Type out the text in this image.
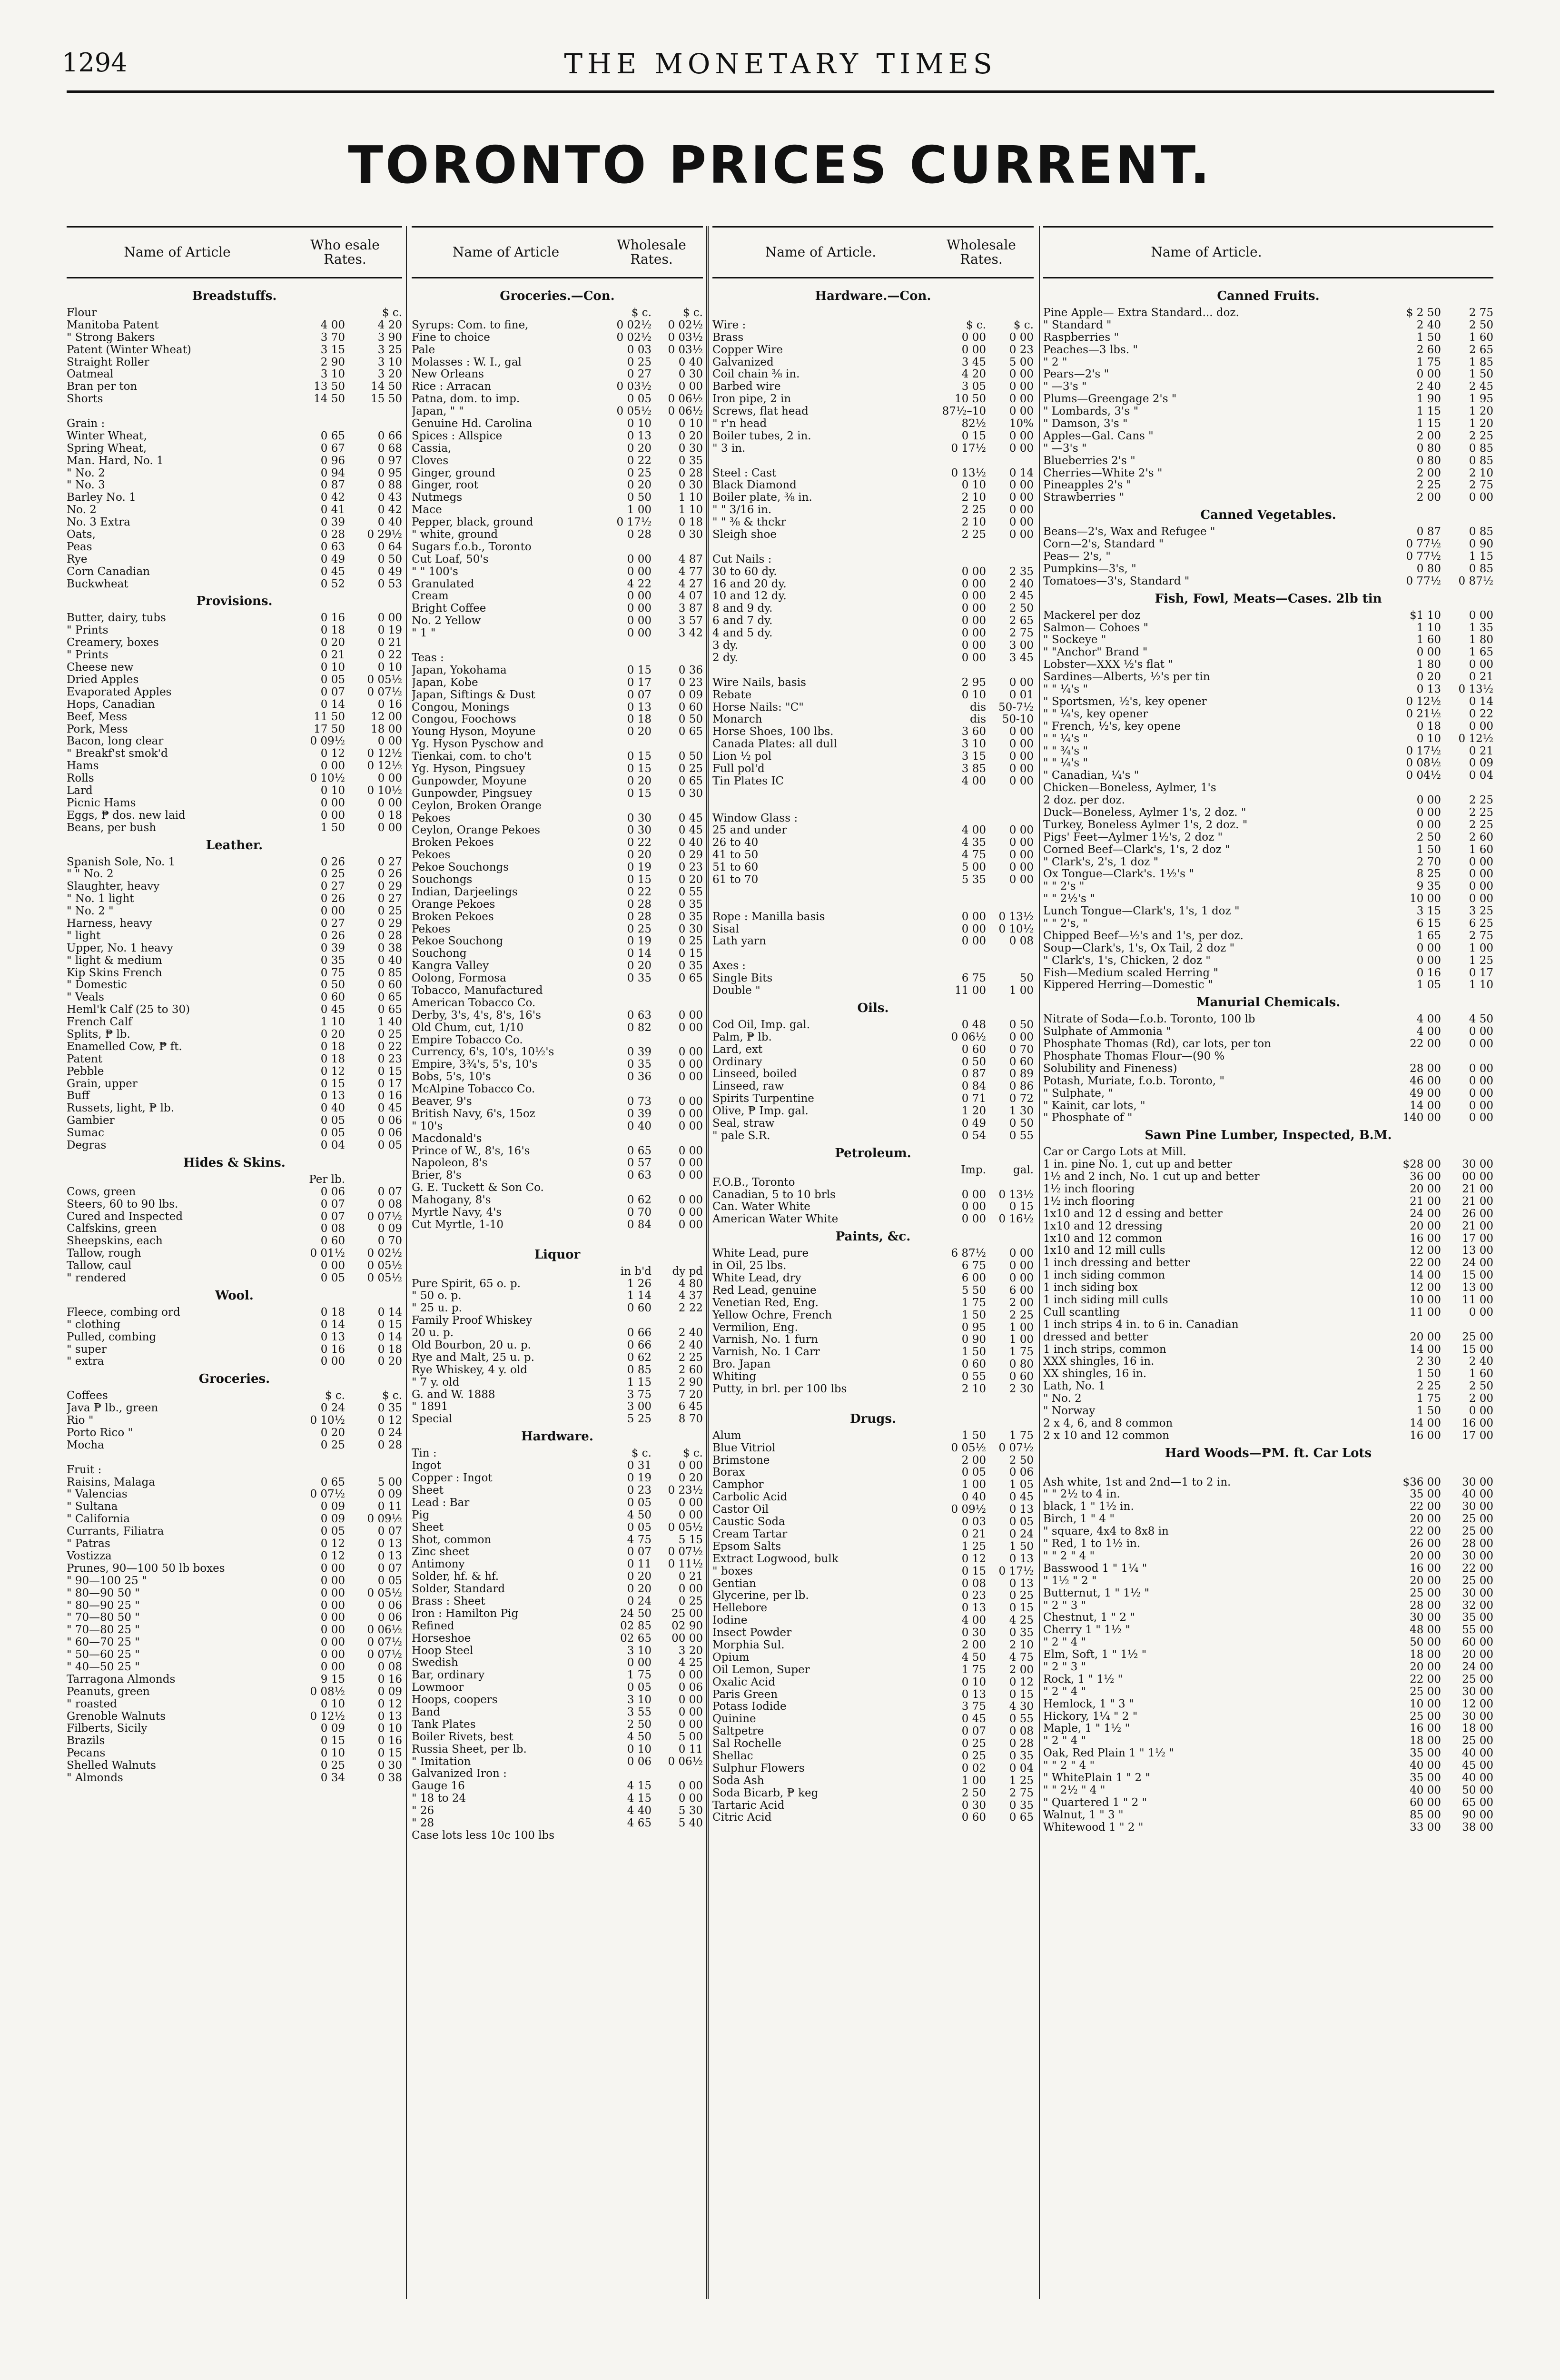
1294	THE MONETARY TIMES
TORONTO PRICES CURRENT.
Name of Article	Who esale Rates.
Breadstuffs.
Flour	$ c.
Manitoba Patent	4 00	4 20
" Strong Bakers	3 70	3 90
Patent (Winter Wheat)	3 15	3 25
Straight Roller	2 90	3 10
Oatmeal	3 10	3 20
Bran per ton	13 50	14 50
Shorts	14 50	15 50
Grain :
Winter Wheat,	0 65	0 66
Spring Wheat,	0 67	0 68
Man. Hard, No. 1	0 96	0 97
" No. 2	0 94	0 95
" No. 3	0 87	0 88
Barley No. 1	0 42	0 43
No. 2	0 41	0 42
No. 3 Extra	0 39	0 40
Oats,	0 28	0 29½
Peas	0 63	0 64
Rye	0 49	0 50
Corn Canadian	0 45	0 49
Buckwheat	0 52	0 53
Provisions.
Butter, dairy, tubs	0 16	0 00
" Prints	0 18	0 19
Creamery, boxes	0 20	0 21
" Prints	0 21	0 22
Cheese new	0 10	0 10
Dried Apples	0 05	0 05½
Evaporated Apples	0 07	0 07½
Hops, Canadian	0 14	0 16
Beef, Mess	11 50	12 00
Pork, Mess	17 50	18 00
Bacon, long clear	0 09½	0 00
" Breakf'st smok'd	0 12	0 12½
Hams	0 00	0 12½
Rolls	0 10½	0 00
Lard	0 10	0 10½
Picnic Hams	0 00	0 00
Eggs, ₱ dos. new laid	0 00	0 18
Beans, per bush	1 50	0 00
Leather.
Spanish Sole, No. 1	0 26	0 27
" " No. 2	0 25	0 26
Slaughter, heavy	0 27	0 29
" No. 1 light	0 26	0 27
" No. 2 "	0 00	0 25
Harness, heavy	0 27	0 29
" light	0 26	0 28
Upper, No. 1 heavy	0 39	0 38
" light & medium	0 35	0 40
Kip Skins French	0 75	0 85
" Domestic	0 50	0 60
" Veals	0 60	0 65
Heml'k Calf (25 to 30)	0 45	0 65
French Calf	1 10	1 40
Splits, ₱ lb.	0 20	0 25
Enamelled Cow, ₱ ft.	0 18	0 22
Patent	0 18	0 23
Pebble	0 12	0 15
Grain, upper	0 15	0 17
Buff	0 13	0 16
Russets, light, ₱ lb.	0 40	0 45
Gambier	0 05	0 06
Sumac	0 05	0 06
Degras	0 04	0 05
Hides & Skins.
Per lb.
Cows, green	0 06	0 07
Steers, 60 to 90 lbs.	0 07	0 08
Cured and Inspected	0 07	0 07½
Calfskins, green	0 08	0 09
Sheepskins, each	0 60	0 70
Tallow, rough	0 01½	0 02½
Tallow, caul	0 00	0 05½
" rendered	0 05	0 05½
Wool.
Fleece, combing ord	0 18	0 14
" clothing	0 14	0 15
Pulled, combing	0 13	0 14
" super	0 16	0 18
" extra	0 00	0 20
Groceries.
Coffees	$ c.	$ c.
Java ₱ lb., green	0 24	0 35
Rio "	0 10½	0 12
Porto Rico "	0 20	0 24
Mocha	0 25	0 28
Fruit :
Raisins, Malaga	0 65	5 00
" Valencias	0 07½	0 09
" Sultana	0 09	0 11
" California	0 09	0 09½
Currants, Filiatra	0 05	0 07
" Patras	0 12	0 13
Vostizza	0 12	0 13
Prunes, 90—100 50 lb boxes	0 00	0 07
" 90—100 25 "	0 00	0 05
" 80—90 50 "	0 00	0 05½
" 80—90 25 "	0 00	0 06
" 70—80 50 "	0 00	0 06
" 70—80 25 "	0 00	0 06½
" 60—70 25 "	0 00	0 07½
" 50—60 25 "	0 00	0 07½
" 40—50 25 "	0 00	0 08
Tarragona Almonds	9 15	0 16
Peanuts, green	0 08½	0 09
" roasted	0 10	0 12
Grenoble Walnuts	0 12½	0 13
Filberts, Sicily	0 09	0 10
Brazils	0 15	0 16
Pecans	0 10	0 15
Shelled Walnuts	0 25	0 30
" Almonds	0 34	0 38
Name of Article	Wholesale Rates.
Groceries.—Con.
$ c.	$ c.
Syrups: Com. to fine,	0 02½	0 02½
Fine to choice	0 02½	0 03½
Pale	0 03	0 03½
Molasses : W. I., gal	0 25	0 40
New Orleans	0 27	0 30
Rice : Arracan	0 03½	0 00
Patna, dom. to imp.	0 05	0 06½
Japan, " "	0 05½	0 06½
Genuine Hd. Carolina	0 10	0 10
Spices : Allspice	0 13	0 20
Cassia,	0 20	0 30
Cloves	0 22	0 35
Ginger, ground	0 25	0 28
Ginger, root	0 20	0 30
Nutmegs	0 50	1 10
Mace	1 00	1 10
Pepper, black, ground	0 17½	0 18
" white, ground	0 28	0 30
Sugars f.o.b., Toronto
Cut Loaf, 50's	0 00	4 87
" " 100's	0 00	4 77
Granulated	4 22	4 27
Cream	0 00	4 07
Bright Coffee	0 00	3 87
No. 2 Yellow	0 00	3 57
" 1 "	0 00	3 42
Teas :
Japan, Yokohama	0 15	0 36
Japan, Kobe	0 17	0 23
Japan, Siftings & Dust	0 07	0 09
Congou, Monings	0 13	0 60
Congou, Foochows	0 18	0 50
Young Hyson, Moyune	0 20	0 65
Yg. Hyson Pyschow and
Tienkai, com. to cho't	0 15	0 50
Yg. Hyson, Pingsuey	0 15	0 25
Gunpowder, Moyune	0 20	0 65
Gunpowder, Pingsuey	0 15	0 30
Ceylon, Broken Orange
Pekoes	0 30	0 45
Ceylon, Orange Pekoes	0 30	0 45
Broken Pekoes	0 22	0 40
Pekoes	0 20	0 29
Pekoe Souchongs	0 19	0 23
Souchongs	0 15	0 20
Indian, Darjeelings	0 22	0 55
Orange Pekoes	0 28	0 35
Broken Pekoes	0 28	0 35
Pekoes	0 25	0 30
Pekoe Souchong	0 19	0 25
Souchong	0 14	0 15
Kangra Valley	0 20	0 35
Oolong, Formosa	0 35	0 65
Tobacco, Manufactured
American Tobacco Co.
Derby, 3's, 4's, 8's, 16's	0 63	0 00
Old Chum, cut, 1/10	0 82	0 00
Empire Tobacco Co.
Currency, 6's, 10's, 10½'s	0 39	0 00
Empire, 3¾'s, 5's, 10's	0 35	0 00
Bobs, 5's, 10's	0 36	0 00
McAlpine Tobacco Co.
Beaver, 9's	0 73	0 00
British Navy, 6's, 15oz	0 39	0 00
" 10's	0 40	0 00
Macdonald's
Prince of W., 8's, 16's	0 65	0 00
Napoleon, 8's	0 57	0 00
Brier, 8's	0 63	0 00
G. E. Tuckett & Son Co.
Mahogany, 8's	0 62	0 00
Myrtle Navy, 4's	0 70	0 00
Cut Myrtle, 1-10	0 84	0 00
Liquor
in b'd	dy pd
Pure Spirit, 65 o. p.	1 26	4 80
" 50 o. p.	1 14	4 37
" 25 u. p.	0 60	2 22
Family Proof Whiskey
20 u. p.	0 66	2 40
Old Bourbon, 20 u. p.	0 66	2 40
Rye and Malt, 25 u. p.	0 62	2 25
Rye Whiskey, 4 y. old	0 85	2 60
" 7 y. old	1 15	2 90
G. and W. 1888	3 75	7 20
" 1891	3 00	6 45
Special	5 25	8 70
Hardware.
Tin :	$ c.	$ c.
Ingot	0 31	0 00
Copper : Ingot	0 19	0 20
Sheet	0 23	0 23½
Lead : Bar	0 05	0 00
Pig	4 50	0 00
Sheet	0 05	0 05½
Shot, common	4 75	5 15
Zinc sheet	0 07	0 07½
Antimony	0 11	0 11½
Solder, hf. & hf.	0 20	0 21
Solder, Standard	0 20	0 00
Brass : Sheet	0 24	0 25
Iron : Hamilton Pig	24 50	25 00
Refined	02 85	02 90
Horseshoe	02 65	00 00
Hoop Steel	3 10	3 20
Swedish	0 00	4 25
Bar, ordinary	1 75	0 00
Lowmoor	0 05	0 06
Hoops, coopers	3 10	0 00
Band	3 55	0 00
Tank Plates	2 50	0 00
Boiler Rivets, best	4 50	5 00
Russia Sheet, per lb.	0 10	0 11
" Imitation	0 06	0 06½
Galvanized Iron :
Gauge 16	4 15	0 00
" 18 to 24	4 15	0 00
" 26	4 40	5 30
" 28	4 65	5 40
Case lots less 10c 100 lbs
Name of Article.	Wholesale Rates.
Hardware.—Con.
Wire :	$ c.	$ c.
Brass	0 00	0 00
Copper Wire	0 00	0 23
Galvanized	3 45	5 00
Coil chain ⅜ in.	4 20	0 00
Barbed wire	3 05	0 00
Iron pipe, 2 in	10 50	0 00
Screws, flat head	87½–10	0 00
" r'n head	82½	10%
Boiler tubes, 2 in.	0 15	0 00
" 3 in.	0 17½	0 00
Steel : Cast	0 13½	0 14
Black Diamond	0 10	0 00
Boiler plate, ⅜ in.	2 10	0 00
" " 3/16 in.	2 25	0 00
" " ⅜ & thckr	2 10	0 00
Sleigh shoe	2 25	0 00
Cut Nails :
30 to 60 dy.	0 00	2 35
16 and 20 dy.	0 00	2 40
10 and 12 dy.	0 00	2 45
8 and 9 dy.	0 00	2 50
6 and 7 dy.	0 00	2 65
4 and 5 dy.	0 00	2 75
3 dy.	0 00	3 00
2 dy.	0 00	3 45
Wire Nails, basis	2 95	0 00
Rebate	0 10	0 01
Horse Nails: "C"	dis	50-7½
Monarch	dis	50-10
Horse Shoes, 100 lbs.	3 60	0 00
Canada Plates: all dull	3 10	0 00
Lion ½ pol	3 15	0 00
Full pol'd	3 85	0 00
Tin Plates IC	4 00	0 00
Window Glass :
25 and under	4 00	0 00
26 to 40	4 35	0 00
41 to 50	4 75	0 00
51 to 60	5 00	0 00
61 to 70	5 35	0 00
Rope : Manilla basis	0 00	0 13½
Sisal	0 00	0 10½
Lath yarn	0 00	0 08
Axes :
Single Bits	6 75	50
Double "	11 00	1 00
Oils.
Cod Oil, Imp. gal.	0 48	0 50
Palm, ₱ lb.	0 06½	0 00
Lard, ext	0 60	0 70
Ordinary	0 50	0 60
Linseed, boiled	0 87	0 89
Linseed, raw	0 84	0 86
Spirits Turpentine	0 71	0 72
Olive, ₱ Imp. gal.	1 20	1 30
Seal, straw	0 49	0 50
" pale S.R.	0 54	0 55
Petroleum.
Imp.	gal.
F.O.B., Toronto
Canadian, 5 to 10 brls	0 00	0 13½
Can. Water White	0 00	0 15
American Water White	0 00	0 16½
Paints, &c.
White Lead, pure	6 87½	0 00
in Oil, 25 lbs.	6 75	0 00
White Lead, dry	6 00	0 00
Red Lead, genuine	5 50	6 00
Venetian Red, Eng.	1 75	2 00
Yellow Ochre, French	1 50	2 25
Vermilion, Eng.	0 95	1 00
Varnish, No. 1 furn	0 90	1 00
Varnish, No. 1 Carr	1 50	1 75
Bro. Japan	0 60	0 80
Whiting	0 55	0 60
Putty, in brl. per 100 lbs	2 10	2 30
Drugs.
Alum	1 50	1 75
Blue Vitriol	0 05½	0 07½
Brimstone	2 00	2 50
Borax	0 05	0 06
Camphor	1 00	1 05
Carbolic Acid	0 40	0 45
Castor Oil	0 09½	0 13
Caustic Soda	0 03	0 05
Cream Tartar	0 21	0 24
Epsom Salts	1 25	1 50
Extract Logwood, bulk	0 12	0 13
" boxes	0 15	0 17½
Gentian	0 08	0 13
Glycerine, per lb.	0 23	0 25
Hellebore	0 13	0 15
Iodine	4 00	4 25
Insect Powder	0 30	0 35
Morphia Sul.	2 00	2 10
Opium	4 50	4 75
Oil Lemon, Super	1 75	2 00
Oxalic Acid	0 10	0 12
Paris Green	0 13	0 15
Potass Iodide	3 75	4 30
Quinine	0 45	0 55
Saltpetre	0 07	0 08
Sal Rochelle	0 25	0 28
Shellac	0 25	0 35
Sulphur Flowers	0 02	0 04
Soda Ash	1 00	1 25
Soda Bicarb, ₱ keg	2 50	2 75
Tartaric Acid	0 30	0 35
Citric Acid	0 60	0 65
Name of Article.
Canned Fruits.
Pine Apple— Extra Standard... doz.	$ 2 50	2 75
" Standard "	2 40	2 50
Raspberries "	1 50	1 60
Peaches—3 lbs. "	2 60	2 65
" 2 "	1 75	1 85
Pears—2's "	0 00	1 50
" —3's "	2 40	2 45
Plums—Greengage 2's "	1 90	1 95
" Lombards, 3's "	1 15	1 20
" Damson, 3's "	1 15	1 20
Apples—Gal. Cans "	2 00	2 25
" —3's "	0 80	0 85
Blueberries 2's "	0 80	0 85
Cherries—White 2's "	2 00	2 10
Pineapples 2's "	2 25	2 75
Strawberries "	2 00	0 00
Canned Vegetables.
Beans—2's, Wax and Refugee "	0 87	0 85
Corn—2's, Standard "	0 77½	0 90
Peas— 2's, "	0 77½	1 15
Pumpkins—3's, "	0 80	0 85
Tomatoes—3's, Standard "	0 77½	0 87½
Fish, Fowl, Meats—Cases. 2lb tin
Mackerel per doz	$1 10	0 00
Salmon— Cohoes "	1 10	1 35
" Sockeye "	1 60	1 80
" "Anchor" Brand "	0 00	1 65
Lobster—XXX ½'s flat "	1 80	0 00
Sardines—Alberts, ½'s per tin	0 20	0 21
" " ¼'s "	0 13	0 13½
" Sportsmen, ½'s, key opener	0 12½	0 14
" " ¼'s, key opener	0 21½	0 22
" French, ½'s, key opene	0 18	0 00
" " ¼'s "	0 10	0 12½
" " ¾'s "	0 17½	0 21
" " ¼'s "	0 08½	0 09
" Canadian, ¼'s "	0 04½	0 04
Chicken—Boneless, Aylmer, 1's
2 doz. per doz.	0 00	2 25
Duck—Boneless, Aylmer 1's, 2 doz. "	0 00	2 25
Turkey, Boneless Aylmer 1's, 2 doz. "	0 00	2 25
Pigs' Feet—Aylmer 1½'s, 2 doz "	2 50	2 60
Corned Beef—Clark's, 1's, 2 doz "	1 50	1 60
" Clark's, 2's, 1 doz "	2 70	0 00
Ox Tongue—Clark's. 1½'s "	8 25	0 00
" " 2's "	9 35	0 00
" " 2½'s "	10 00	0 00
Lunch Tongue—Clark's, 1's, 1 doz "	3 15	3 25
" " 2's, "	6 15	6 25
Chipped Beef—½'s and 1's, per doz.	1 65	2 75
Soup—Clark's, 1's, Ox Tail, 2 doz "	0 00	1 00
" Clark's, 1's, Chicken, 2 doz "	0 00	1 25
Fish—Medium scaled Herring "	0 16	0 17
Kippered Herring—Domestic "	1 05	1 10
Manurial Chemicals.
Nitrate of Soda—f.o.b. Toronto, 100 lb	4 00	4 50
Sulphate of Ammonia "	4 00	0 00
Phosphate Thomas (Rd), car lots, per ton	22 00	0 00
Phosphate Thomas Flour—(90 %
Solubility and Fineness)	28 00	0 00
Potash, Muriate, f.o.b. Toronto, "	46 00	0 00
" Sulphate, "	49 00	0 00
" Kainit, car lots, "	14 00	0 00
" Phosphate of "	140 00	0 00
Sawn Pine Lumber, Inspected, B.M.
Car or Cargo Lots at Mill.
1 in. pine No. 1, cut up and better	$28 00	30 00
1½ and 2 inch, No. 1 cut up and better	36 00	00 00
1½ inch flooring	20 00	21 00
1½ inch flooring	21 00	21 00
1x10 and 12 d essing and better	24 00	26 00
1x10 and 12 dressing	20 00	21 00
1x10 and 12 common	16 00	17 00
1x10 and 12 mill culls	12 00	13 00
1 inch dressing and better	22 00	24 00
1 inch siding common	14 00	15 00
1 inch siding box	12 00	13 00
1 inch siding mill culls	10 00	11 00
Cull scantling	11 00	0 00
1 inch strips 4 in. to 6 in. Canadian
dressed and better	20 00	25 00
1 inch strips, common	14 00	15 00
XXX shingles, 16 in.	2 30	2 40
XX shingles, 16 in.	1 50	1 60
Lath, No. 1	2 25	2 50
" No. 2	1 75	2 00
" Norway	1 50	0 00
2 x 4, 6, and 8 common	14 00	16 00
2 x 10 and 12 common	16 00	17 00
Hard Woods—₱M. ft. Car Lots
Ash white, 1st and 2nd—1 to 2 in.	$36 00	30 00
" " 2½ to 4 in.	35 00	40 00
black, 1 " 1½ in.	22 00	30 00
Birch, 1 " 4 "	20 00	25 00
" square, 4x4 to 8x8 in	22 00	25 00
" Red, 1 to 1½ in.	26 00	28 00
" " 2 " 4 "	20 00	30 00
Basswood 1 " 1¼ "	16 00	22 00
" 1½ " 2 "	20 00	25 00
Butternut, 1 " 1½ "	25 00	30 00
" 2 " 3 "	28 00	32 00
Chestnut, 1 " 2 "	30 00	35 00
Cherry 1 " 1½ "	48 00	55 00
" 2 " 4 "	50 00	60 00
Elm, Soft, 1 " 1½ "	18 00	20 00
" 2 " 3 "	20 00	24 00
Rock, 1 " 1½ "	22 00	25 00
" 2 " 4 "	25 00	30 00
Hemlock, 1 " 3 "	10 00	12 00
Hickory, 1¼ " 2 "	25 00	30 00
Maple, 1 " 1½ "	16 00	18 00
" 2 " 4 "	18 00	25 00
Oak, Red Plain 1 " 1½ "	35 00	40 00
" " 2 " 4 "	40 00	45 00
" WhitePlain 1 " 2 "	35 00	40 00
" " 2½ " 4 "	40 00	50 00
" Quartered 1 " 2 "	60 00	65 00
Walnut, 1 " 3 "	85 00	90 00
Whitewood 1 " 2 "	33 00	38 00
